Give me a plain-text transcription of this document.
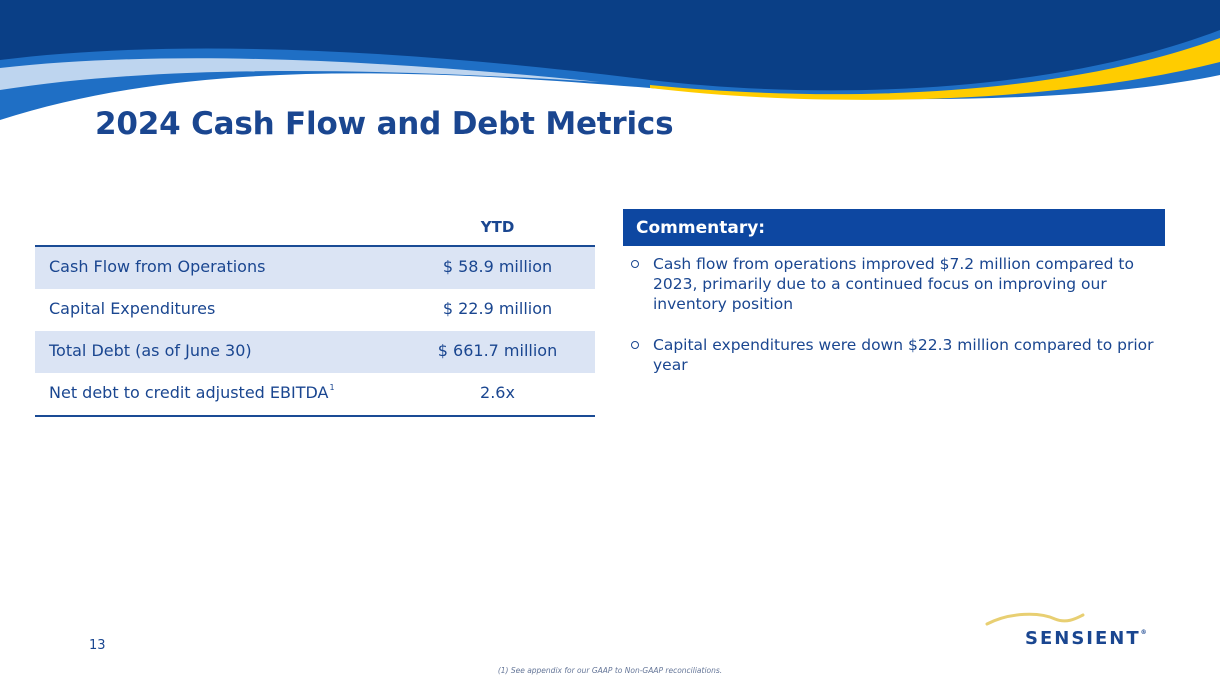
2024 Cash Flow and Debt Metrics
YTD
Cash Flow from Operations	$ 58.9 million
Capital Expenditures	$ 22.9 million
Total Debt (as of June 30)	$ 661.7 million
Net debt to credit adjusted EBITDA$^1$	2.6x
Commentary:
Cash flow from operations improved $7.2 million compared to 2023, primarily due to a continued focus on improving our inventory position
Capital expenditures were down $22.3 million compared to prior year
13
(1) See appendix for our GAAP to Non-GAAP reconciliations.
SENSIENT®
